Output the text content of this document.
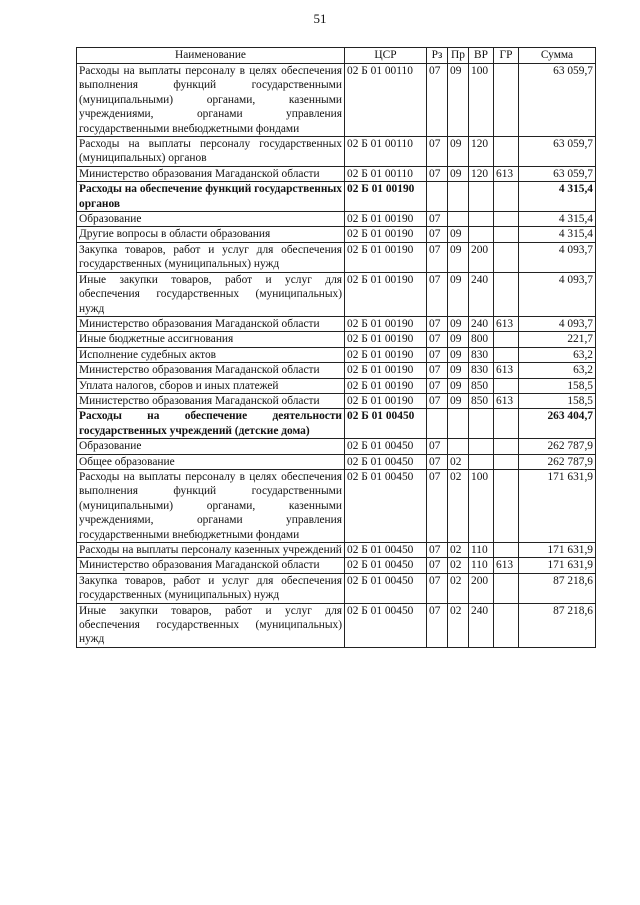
51
Наименование	ЦСР	Рз	Пр	ВР	ГР	Сумма
Расходы на выплаты персоналу в целях обеспечения выполнения функций государственными (муниципальными) органами, казенными учреждениями, органами управления государственными внебюджетными фондами	02 Б 01 00110	07	09	100		63 059,7
Расходы на выплаты персоналу государственных (муниципальных) органов	02 Б 01 00110	07	09	120		63 059,7
Министерство образования Магаданской области	02 Б 01 00110	07	09	120	613	63 059,7
Расходы на обеспечение функций государственных органов	02 Б 01 00190					4 315,4
Образование	02 Б 01 00190	07				4 315,4
Другие вопросы в области образования	02 Б 01 00190	07	09			4 315,4
Закупка товаров, работ и услуг для обеспечения государственных (муниципальных) нужд	02 Б 01 00190	07	09	200		4 093,7
Иные закупки товаров, работ и услуг для обеспечения государственных (муниципальных) нужд	02 Б 01 00190	07	09	240		4 093,7
Министерство образования Магаданской области	02 Б 01 00190	07	09	240	613	4 093,7
Иные бюджетные ассигнования	02 Б 01 00190	07	09	800		221,7
Исполнение судебных актов	02 Б 01 00190	07	09	830		63,2
Министерство образования Магаданской области	02 Б 01 00190	07	09	830	613	63,2
Уплата налогов, сборов и иных платежей	02 Б 01 00190	07	09	850		158,5
Министерство образования Магаданской области	02 Б 01 00190	07	09	850	613	158,5
Расходы на обеспечение деятельности государственных учреждений (детские дома)	02 Б 01 00450					263 404,7
Образование	02 Б 01 00450	07				262 787,9
Общее образование	02 Б 01 00450	07	02			262 787,9
Расходы на выплаты персоналу в целях обеспечения выполнения функций государственными (муниципальными) органами, казенными учреждениями, органами управления государственными внебюджетными фондами	02 Б 01 00450	07	02	100		171 631,9
Расходы на выплаты персоналу казенных учреждений	02 Б 01 00450	07	02	110		171 631,9
Министерство образования Магаданской области	02 Б 01 00450	07	02	110	613	171 631,9
Закупка товаров, работ и услуг для обеспечения государственных (муниципальных) нужд	02 Б 01 00450	07	02	200		87 218,6
Иные закупки товаров, работ и услуг для обеспечения государственных (муниципальных) нужд	02 Б 01 00450	07	02	240		87 218,6
